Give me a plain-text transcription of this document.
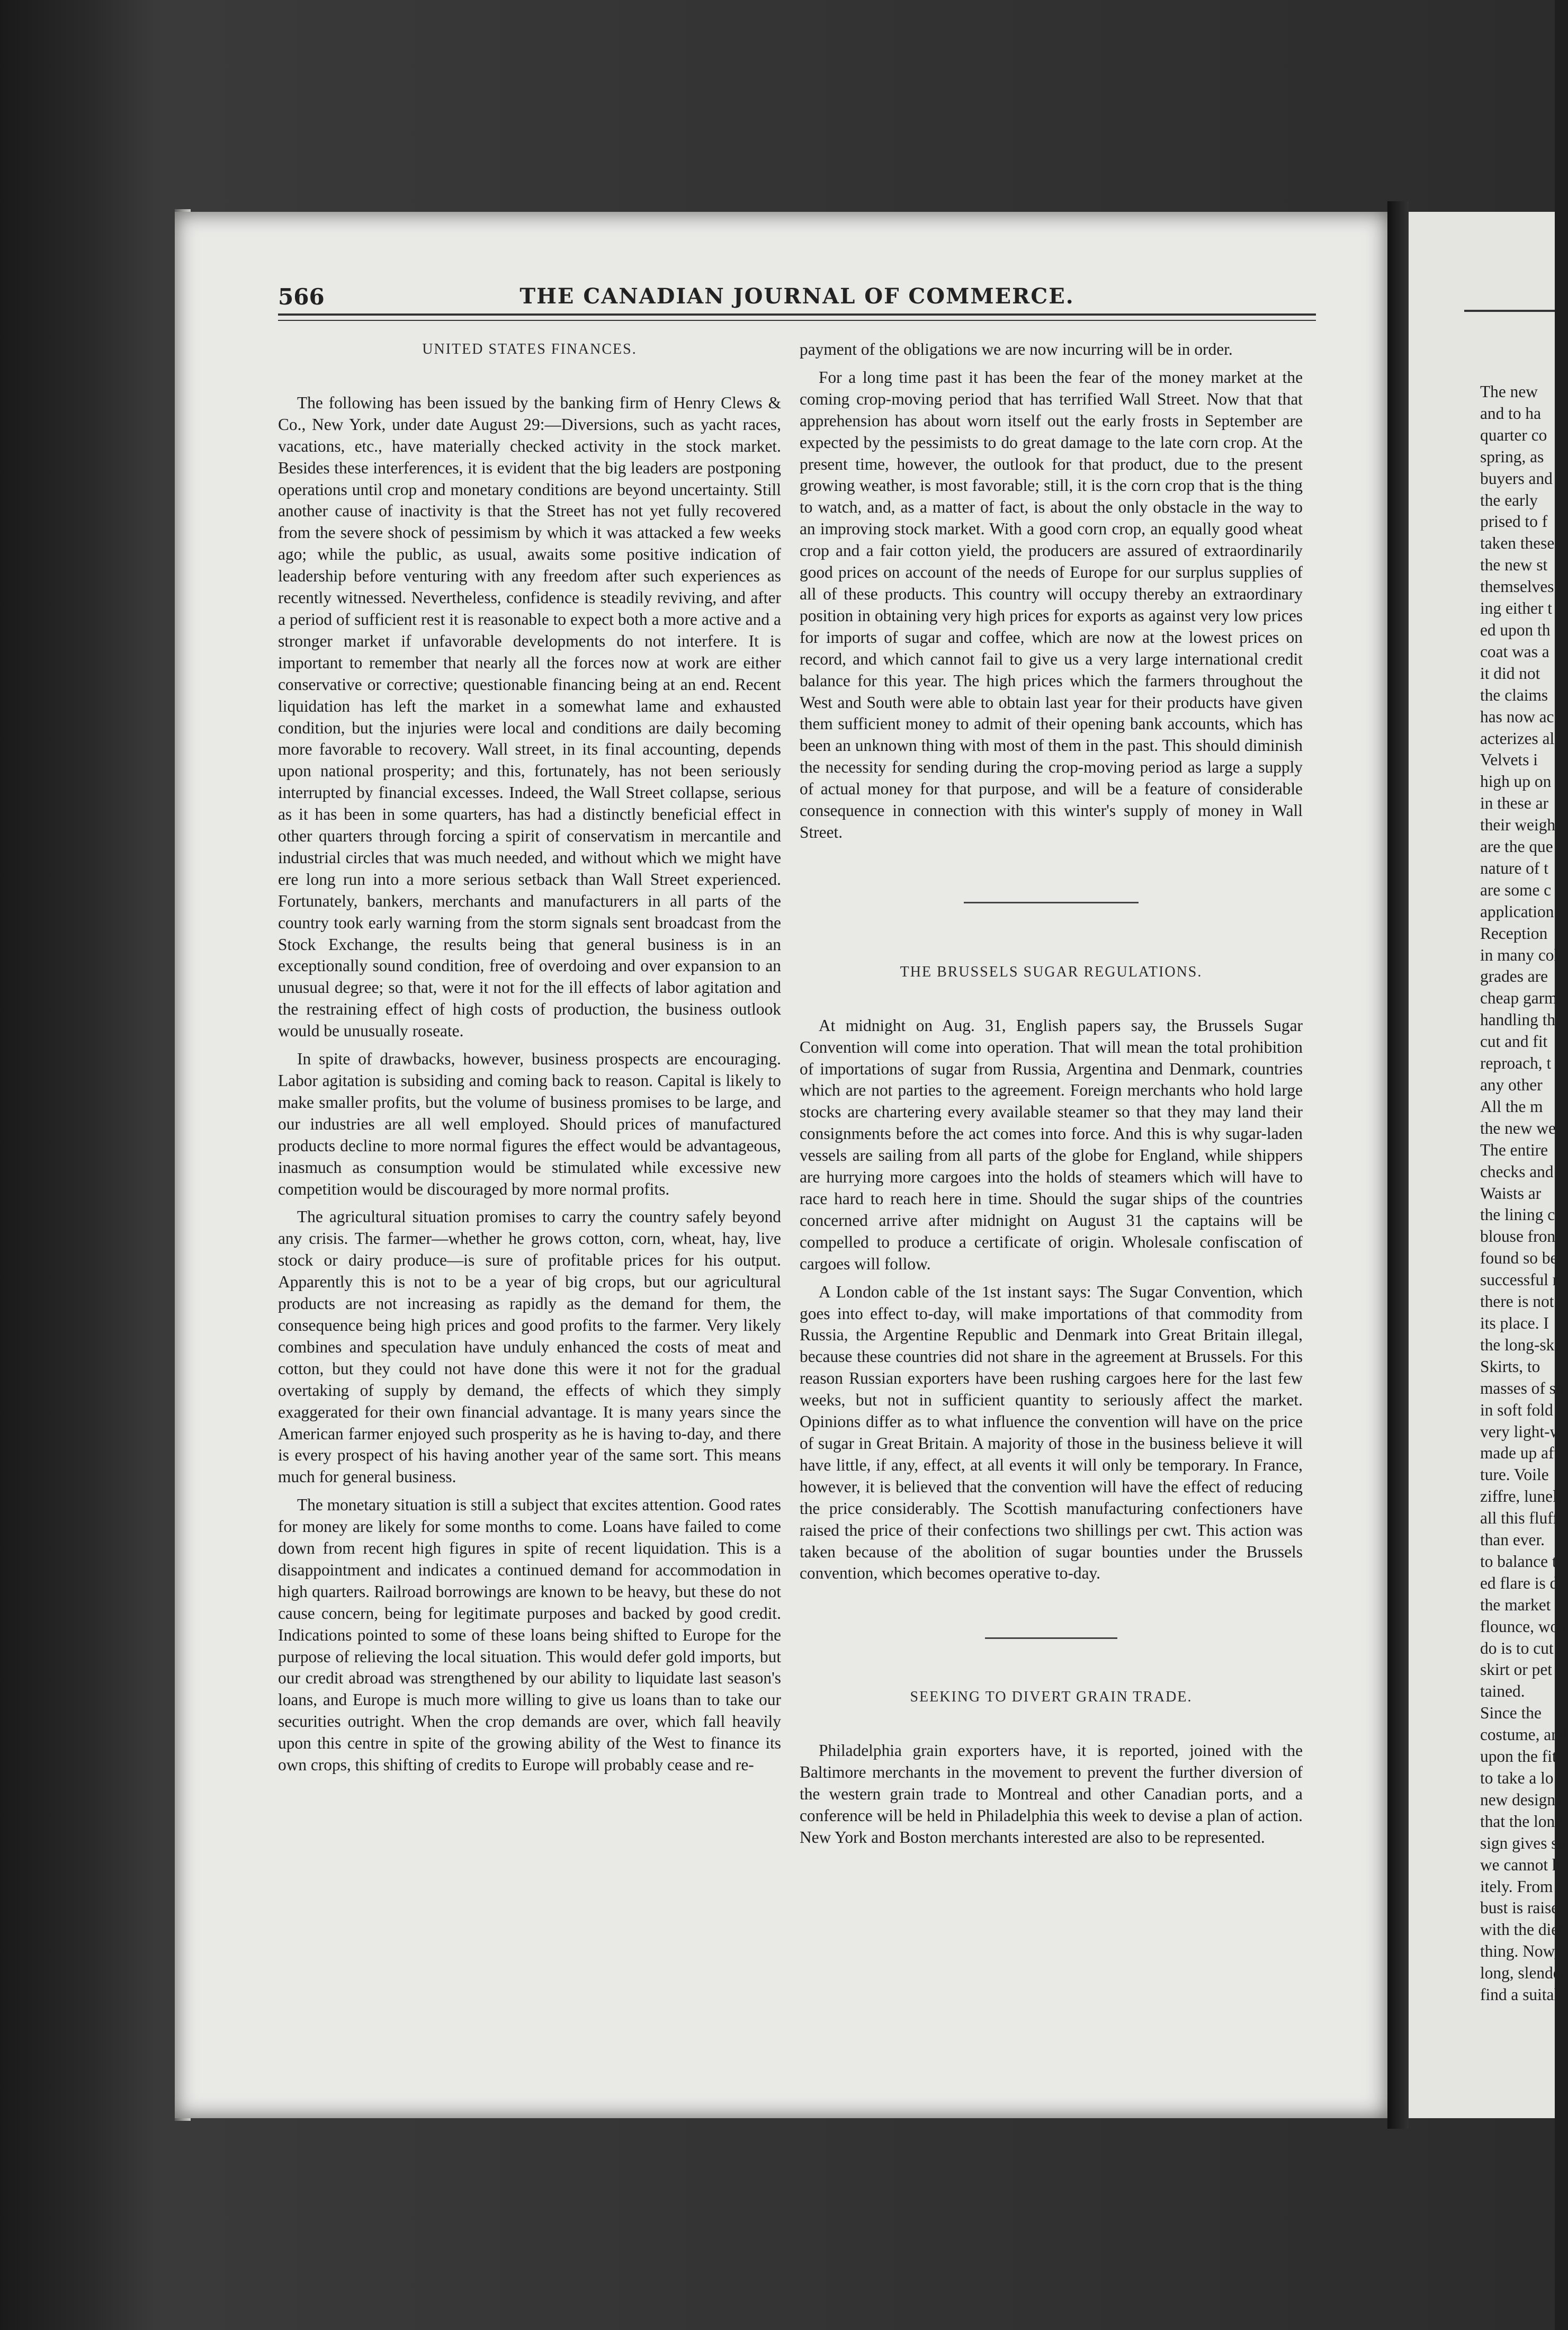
566	THE CANADIAN JOURNAL OF COMMERCE.
UNITED STATES FINANCES.

The following has been issued by the banking firm of Henry Clews & Co., New York, under date August 29:—Diversions, such as yacht races, vacations, etc., have materially checked activity in the stock market. Besides these interferences, it is evident that the big leaders are postponing operations until crop and monetary conditions are beyond uncertainty. Still another cause of inactivity is that the Street has not yet fully recovered from the severe shock of pessimism by which it was attacked a few weeks ago; while the public, as usual, awaits some positive indication of leadership before venturing with any freedom after such experiences as recently witnessed. Nevertheless, confidence is steadily reviving, and after a period of sufficient rest it is reasonable to expect both a more active and a stronger market if unfavorable developments do not interfere. It is important to remember that nearly all the forces now at work are either conservative or corrective; questionable financing being at an end. Recent liquidation has left the market in a somewhat lame and exhausted condition, but the injuries were local and conditions are daily becoming more favorable to recovery. Wall street, in its final accounting, depends upon national prosperity; and this, fortunately, has not been seriously interrupted by financial excesses. Indeed, the Wall Street collapse, serious as it has been in some quarters, has had a distinctly beneficial effect in other quarters through forcing a spirit of conservatism in mercantile and industrial circles that was much needed, and without which we might have ere long run into a more serious setback than Wall Street experienced. Fortunately, bankers, merchants and manufacturers in all parts of the country took early warning from the storm signals sent broadcast from the Stock Exchange, the results being that general business is in an exceptionally sound condition, free of overdoing and over expansion to an unusual degree; so that, were it not for the ill effects of labor agitation and the restraining effect of high costs of production, the business outlook would be unusually roseate.

In spite of drawbacks, however, business prospects are encouraging. Labor agitation is subsiding and coming back to reason. Capital is likely to make smaller profits, but the volume of business promises to be large, and our industries are all well employed. Should prices of manufactured products decline to more normal figures the effect would be advantageous, inasmuch as consumption would be stimulated while excessive new competition would be discouraged by more normal profits.

The agricultural situation promises to carry the country safely beyond any crisis. The farmer—whether he grows cotton, corn, wheat, hay, live stock or dairy produce—is sure of profitable prices for his output. Apparently this is not to be a year of big crops, but our agricultural products are not increasing as rapidly as the demand for them, the consequence being high prices and good profits to the farmer. Very likely combines and speculation have unduly enhanced the costs of meat and cotton, but they could not have done this were it not for the gradual overtaking of supply by demand, the effects of which they simply exaggerated for their own financial advantage. It is many years since the American farmer enjoyed such prosperity as he is having to-day, and there is every prospect of his having another year of the same sort. This means much for general business.

The monetary situation is still a subject that excites attention. Good rates for money are likely for some months to come. Loans have failed to come down from recent high figures in spite of recent liquidation. This is a disappointment and indicates a continued demand for accommodation in high quarters. Railroad borrowings are known to be heavy, but these do not cause concern, being for legitimate purposes and backed by good credit. Indications pointed to some of these loans being shifted to Europe for the purpose of relieving the local situation. This would defer gold imports, but our credit abroad was strengthened by our ability to liquidate last season's loans, and Europe is much more willing to give us loans than to take our securities outright. When the crop demands are over, which fall heavily upon this centre in spite of the growing ability of the West to finance its own crops, this shifting of credits to Europe will probably cease and re-

payment of the obligations we are now incurring will be in order.

For a long time past it has been the fear of the money market at the coming crop-moving period that has terrified Wall Street. Now that that apprehension has about worn itself out the early frosts in September are expected by the pessimists to do great damage to the late corn crop. At the present time, however, the outlook for that product, due to the present growing weather, is most favorable; still, it is the corn crop that is the thing to watch, and, as a matter of fact, is about the only obstacle in the way to an improving stock market. With a good corn crop, an equally good wheat crop and a fair cotton yield, the producers are assured of extraordinarily good prices on account of the needs of Europe for our surplus supplies of all of these products. This country will occupy thereby an extraordinary position in obtaining very high prices for exports as against very low prices for imports of sugar and coffee, which are now at the lowest prices on record, and which cannot fail to give us a very large international credit balance for this year. The high prices which the farmers throughout the West and South were able to obtain last year for their products have given them sufficient money to admit of their opening bank accounts, which has been an unknown thing with most of them in the past. This should diminish the necessity for sending during the crop-moving period as large a supply of actual money for that purpose, and will be a feature of considerable consequence in connection with this winter's supply of money in Wall Street.

THE BRUSSELS SUGAR REGULATIONS.

At midnight on Aug. 31, English papers say, the Brussels Sugar Convention will come into operation. That will mean the total prohibition of importations of sugar from Russia, Argentina and Denmark, countries which are not parties to the agreement. Foreign merchants who hold large stocks are chartering every available steamer so that they may land their consignments before the act comes into force. And this is why sugar-laden vessels are sailing from all parts of the globe for England, while shippers are hurrying more cargoes into the holds of steamers which will have to race hard to reach here in time. Should the sugar ships of the countries concerned arrive after midnight on August 31 the captains will be compelled to produce a certificate of origin. Wholesale confiscation of cargoes will follow.

A London cable of the 1st instant says: The Sugar Convention, which goes into effect to-day, will make importations of that commodity from Russia, the Argentine Republic and Denmark into Great Britain illegal, because these countries did not share in the agreement at Brussels. For this reason Russian exporters have been rushing cargoes here for the last few weeks, but not in sufficient quantity to seriously affect the market. Opinions differ as to what influence the convention will have on the price of sugar in Great Britain. A majority of those in the business believe it will have little, if any, effect, at all events it will only be temporary. In France, however, it is believed that the convention will have the effect of reducing the price considerably. The Scottish manufacturing confectioners have raised the price of their confections two shillings per cwt. This action was taken because of the abolition of sugar bounties under the Brussels convention, which becomes operative to-day.

SEEKING TO DIVERT GRAIN TRADE.

Philadelphia grain exporters have, it is reported, joined with the Baltimore merchants in the movement to prevent the further diversion of the western grain trade to Montreal and other Canadian ports, and a conference will be held in Philadelphia this week to devise a plan of action. New York and Boston merchants interested are also to be represented.

The new
and to ha
quarter co
spring, as
buyers and
the early
prised to f
taken these
the new st
themselves
ing either t
ed upon th
coat was a
it did not
the claims
has now ac
acterizes al
Velvets i
high up on
in these ar
their weigh
are the que
nature of t
are some c
application.
Reception
in many col
grades are
cheap garm
handling th
cut and fit
reproach, t
any other
All the m
the new we
The entire
checks and
Waists ar
the lining c
blouse fron
found so be
successful r
there is not
its place. I
the long-ski
Skirts, to
masses of sh
in soft fold
very light-w
made up aft
ture. Voile
ziffre, lunel,
all this fluff
than ever.
to balance t
ed flare is d
the market
flounce, wov
do is to cut
skirt or pet
tained.
Since the
costume, and
upon the fit
to take a lo
new designs,
that the long
sign gives su
we cannot h
itely. From
bust is raise
with the diet
thing. Now,
long, slender
find a suital
